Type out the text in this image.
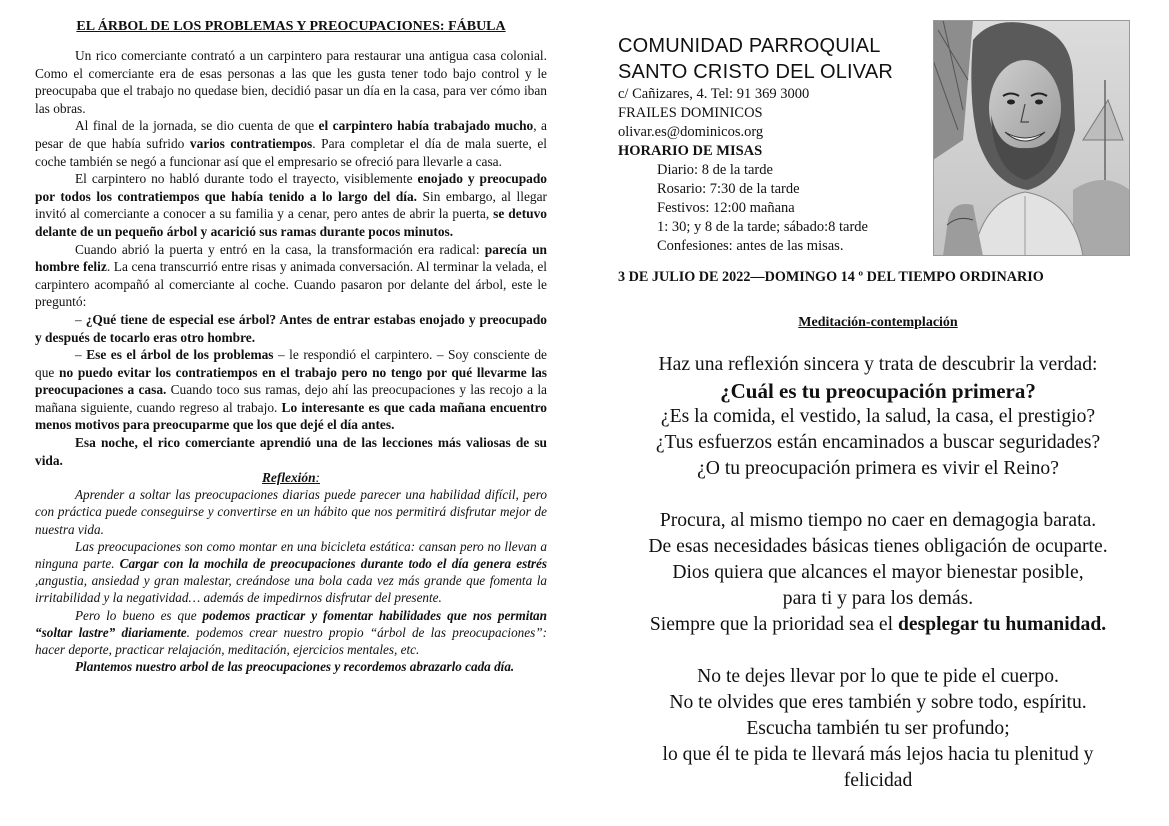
EL ÁRBOL DE LOS PROBLEMAS Y PREOCUPACIONES: FÁBULA

Un rico comerciante contrató a un carpintero para restaurar una antigua casa colonial. Como el comerciante era de esas personas a las que les gusta tener todo bajo control y le preocupaba que el trabajo no quedase bien, decidió pasar un día en la casa, para ver cómo iban las obras.

Al final de la jornada, se dio cuenta de que el carpintero había trabajado mucho, a pesar de que había sufrido varios contratiempos. Para completar el día de mala suerte, el coche también se negó a funcionar así que el empresario se ofreció para llevarle a casa.

El carpintero no habló durante todo el trayecto, visiblemente enojado y preocupado por todos los contratiempos que había tenido a lo largo del día. Sin embargo, al llegar invitó al comerciante a conocer a su familia y a cenar, pero antes de abrir la puerta, se detuvo delante de un pequeño árbol y acarició sus ramas durante pocos minutos.

Cuando abrió la puerta y entró en la casa, la transformación era radical: parecía un hombre feliz. La cena transcurrió entre risas y animada conversación. Al terminar la velada, el carpintero acompañó al comerciante al coche. Cuando pasaron por delante del árbol, este le preguntó:

– ¿Qué tiene de especial ese árbol? Antes de entrar estabas enojado y preocupado y después de tocarlo eras otro hombre.

– Ese es el árbol de los problemas – le respondió el carpintero. – Soy consciente de que no puedo evitar los contratiempos en el trabajo pero no tengo por qué llevarme las preocupaciones a casa. Cuando toco sus ramas, dejo ahí las preocupaciones y las recojo a la mañana siguiente, cuando regreso al trabajo. Lo interesante es que cada mañana encuentro menos motivos para preocuparme que los que dejé el día antes.

Esa noche, el rico comerciante aprendió una de las lecciones más valiosas de su vida.

Reflexión:

Aprender a soltar las preocupaciones diarias puede parecer una habilidad difícil, pero con práctica puede conseguirse y convertirse en un hábito que nos permitirá disfrutar mejor de nuestra vida.

Las preocupaciones son como montar en una bicicleta estática: cansan pero no llevan a ninguna parte. Cargar con la mochila de preocupaciones durante todo el día genera estrés ,angustia, ansiedad y gran malestar, creándose una bola cada vez más grande que fomenta la irritabilidad y la negatividad… además de impedirnos disfrutar del presente.

Pero lo bueno es que podemos practicar y fomentar habilidades que nos permitan “soltar lastre” diariamente. podemos crear nuestro propio “árbol de las preocupaciones”: hacer deporte, practicar relajación, meditación, ejercicios mentales, etc.

Plantemos nuestro arbol de las preocupaciones y recordemos abrazarlo cada día.

COMUNIDAD PARROQUIAL
SANTO CRISTO DEL OLIVAR
c/ Cañizares, 4. Tel: 91 369 3000
FRAILES DOMINICOS
olivar.es@dominicos.org
HORARIO DE MISAS
Diario: 8 de la tarde
Rosario: 7:30 de la tarde
Festivos: 12:00 mañana
1: 30; y 8 de la tarde; sábado:8 tarde
Confesiones: antes de las misas.
3 DE JULIO DE 2022—DOMINGO 14 º DEL TIEMPO ORDINARIO
Meditación-contemplación
Haz una reflexión sincera y trata de descubrir la verdad:
¿Cuál es tu preocupación primera?
¿Es la comida, el vestido, la salud, la casa, el prestigio?
¿Tus esfuerzos están encaminados a buscar seguridades?
¿O tu preocupación primera es vivir el Reino?
Procura, al mismo tiempo no caer en demagogia barata.
De esas necesidades básicas tienes obligación de ocuparte.
Dios quiera que alcances el mayor bienestar posible,
para ti y para los demás.
Siempre que la prioridad sea el desplegar tu humanidad.
No te dejes llevar por lo que te pide el cuerpo.
No te olvides que eres también y sobre todo, espíritu.
Escucha también tu ser profundo;
lo que él te pida te llevará más lejos hacia tu plenitud y
felicidad
